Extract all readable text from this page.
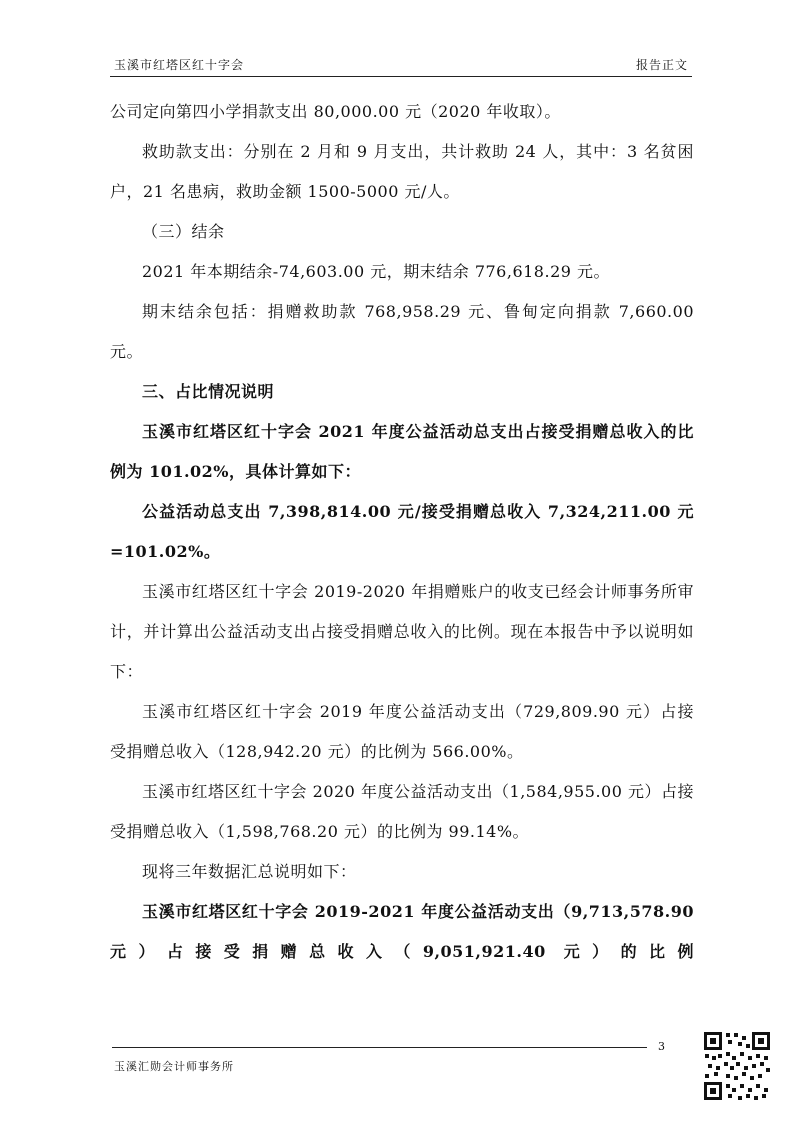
玉溪市红塔区红十字会	报告正文
公司定向第四小学捐款支出 80,000.00 元（2020 年收取）。
救助款支出：分别在 2 月和 9 月支出，共计救助 24 人，其中：3 名贫困户，21 名患病，救助金额 1500-5000 元/人。
（三）结余
2021 年本期结余-74,603.00 元，期末结余 776,618.29 元。
期末结余包括：捐赠救助款 768,958.29 元、鲁甸定向捐款 7,660.00 元。
三、占比情况说明
玉溪市红塔区红十字会 2021 年度公益活动总支出占接受捐赠总收入的比例为 101.02%，具体计算如下：
公益活动总支出 7,398,814.00 元/接受捐赠总收入 7,324,211.00 元=101.02%。
玉溪市红塔区红十字会 2019-2020 年捐赠账户的收支已经会计师事务所审计，并计算出公益活动支出占接受捐赠总收入的比例。现在本报告中予以说明如下：
玉溪市红塔区红十字会 2019 年度公益活动支出（729,809.90 元）占接受捐赠总收入（128,942.20 元）的比例为 566.00%。
玉溪市红塔区红十字会 2020 年度公益活动支出（1,584,955.00 元）占接受捐赠总收入（1,598,768.20 元）的比例为 99.14%。
现将三年数据汇总说明如下：
玉溪市红塔区红十字会 2019-2021 年度公益活动支出（9,713,578.90 元）占接受捐赠总收入（9,051,921.40 元）的比例
3
玉溪汇勋会计师事务所
